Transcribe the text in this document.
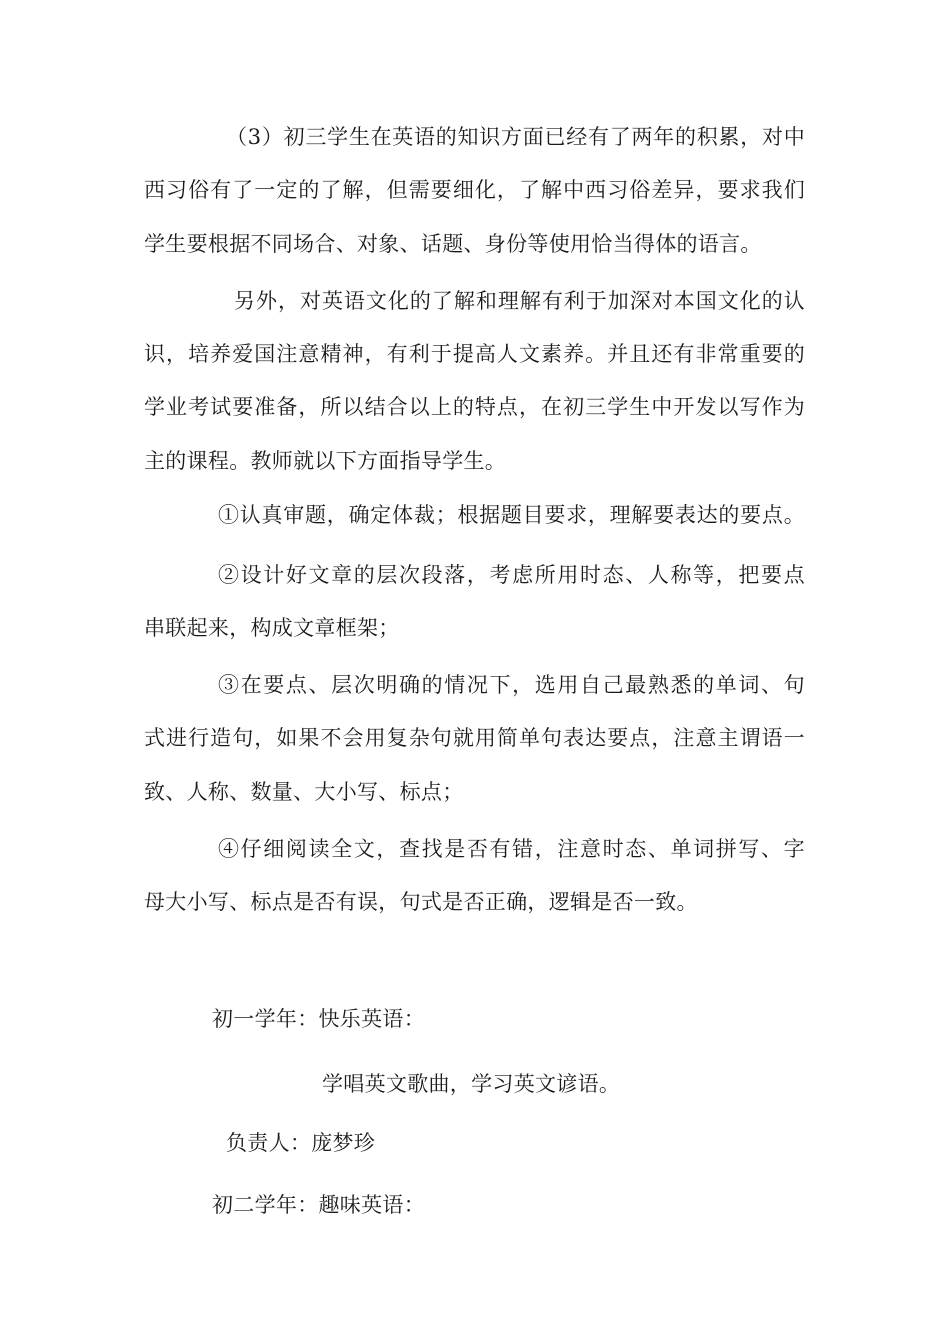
（3）初三学生在英语的知识方面已经有了两年的积累，对中
西习俗有了一定的了解，但需要细化，了解中西习俗差异，要求我们
学生要根据不同场合、对象、话题、身份等使用恰当得体的语言。
另外，对英语文化的了解和理解有利于加深对本国文化的认
识，培养爱国注意精神，有利于提高人文素养。并且还有非常重要的
学业考试要准备，所以结合以上的特点，在初三学生中开发以写作为
主的课程。教师就以下方面指导学生。
①认真审题，确定体裁；根据题目要求，理解要表达的要点。
②设计好文章的层次段落，考虑所用时态、人称等，把要点
串联起来，构成文章框架；
③在要点、层次明确的情况下，选用自己最熟悉的单词、句
式进行造句，如果不会用复杂句就用简单句表达要点，注意主谓语一
致、人称、数量、大小写、标点；
④仔细阅读全文，查找是否有错，注意时态、单词拼写、字
母大小写、标点是否有误，句式是否正确，逻辑是否一致。
初一学年：快乐英语：
学唱英文歌曲，学习英文谚语。
负责人：庞梦珍
初二学年：趣味英语：
